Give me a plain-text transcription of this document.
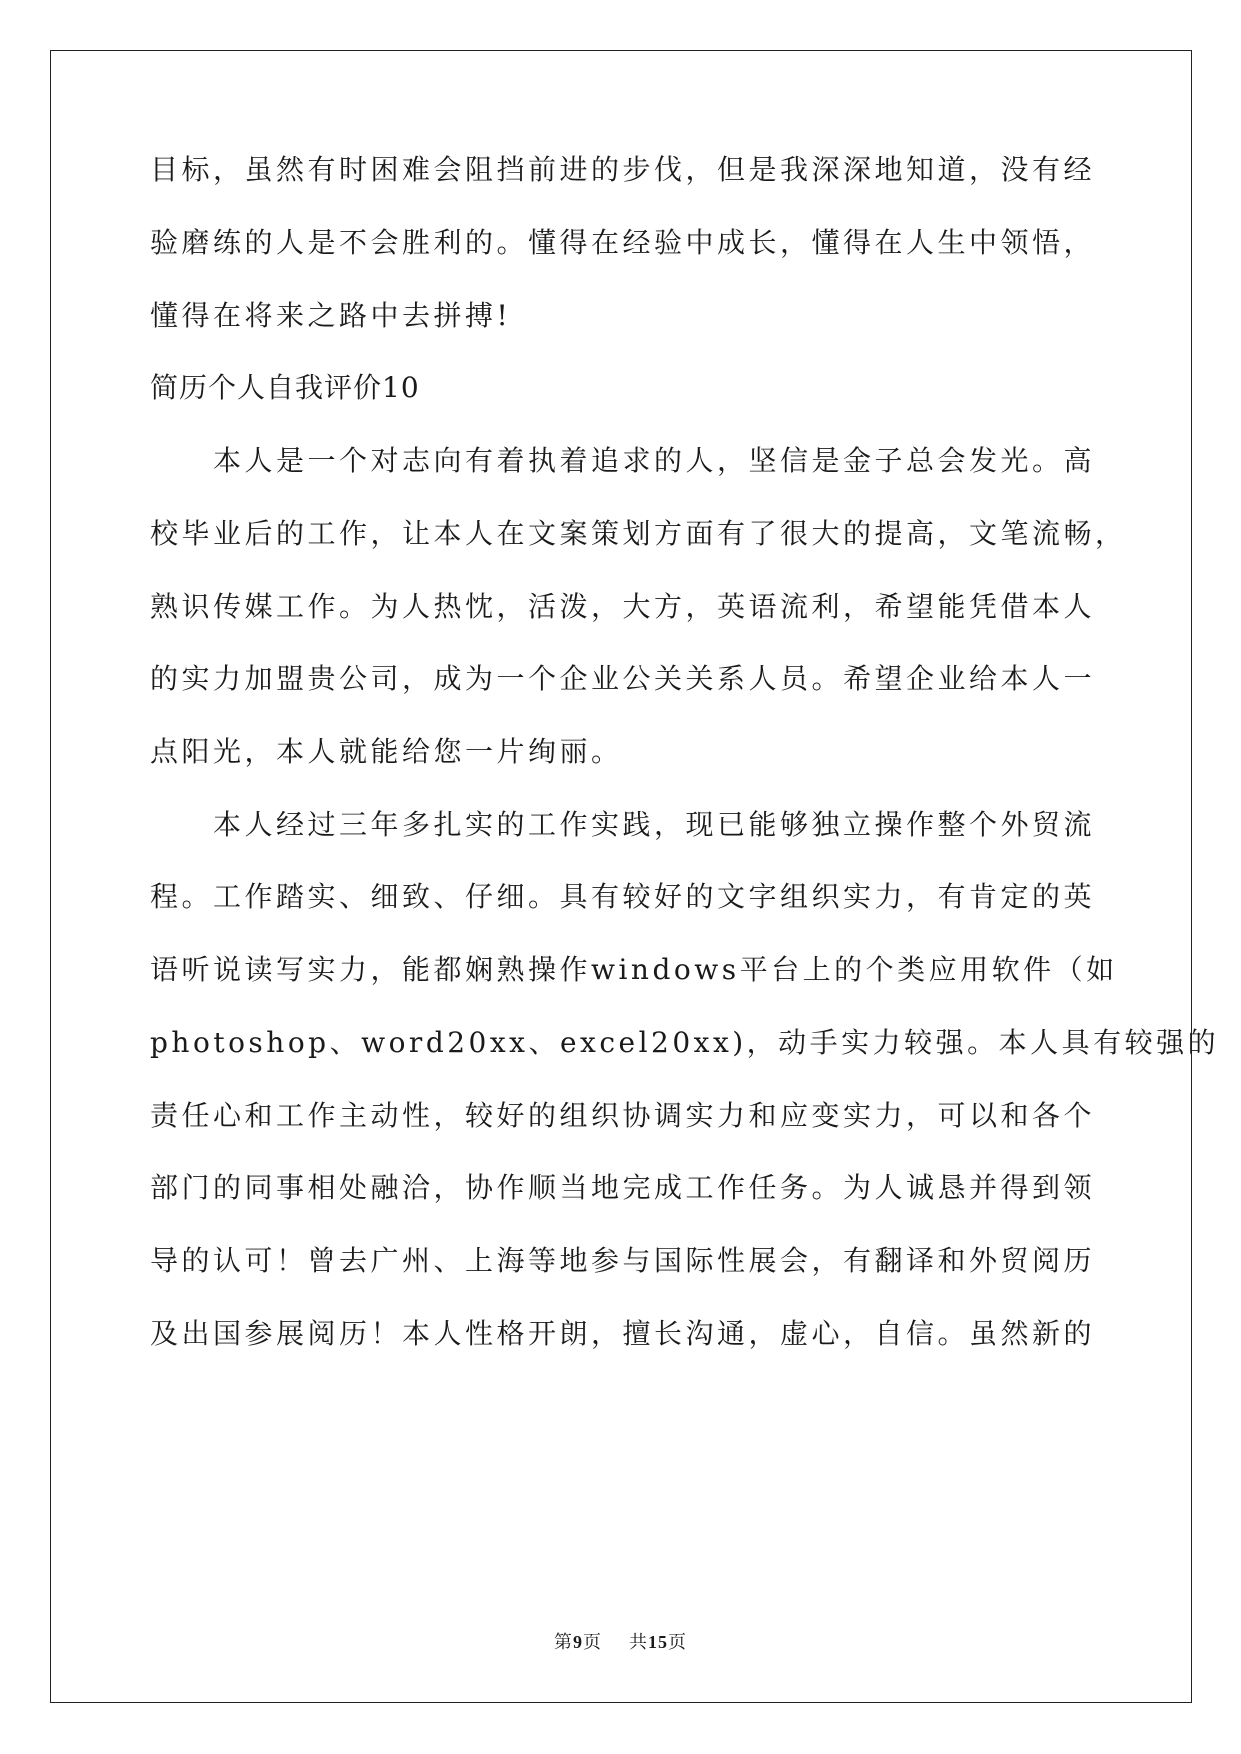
目标，虽然有时困难会阻挡前进的步伐，但是我深深地知道，没有经
验磨练的人是不会胜利的。懂得在经验中成长，懂得在人生中领悟，
懂得在将来之路中去拼搏!
简历个人自我评价10
本人是一个对志向有着执着追求的人，坚信是金子总会发光。高
校毕业后的工作，让本人在文案策划方面有了很大的提高，文笔流畅，
熟识传媒工作。为人热忱，活泼，大方，英语流利，希望能凭借本人
的实力加盟贵公司，成为一个企业公关关系人员。希望企业给本人一
点阳光，本人就能给您一片绚丽。
本人经过三年多扎实的工作实践，现已能够独立操作整个外贸流
程。工作踏实、细致、仔细。具有较好的文字组织实力，有肯定的英
语听说读写实力，能都娴熟操作windows平台上的个类应用软件（如
photoshop、word20xx、excel20xx)，动手实力较强。本人具有较强的
责任心和工作主动性，较好的组织协调实力和应变实力，可以和各个
部门的同事相处融洽，协作顺当地完成工作任务。为人诚恳并得到领
导的认可！曾去广州、上海等地参与国际性展会，有翻译和外贸阅历
及出国参展阅历！本人性格开朗，擅长沟通，虚心，自信。虽然新的
第9页 共15页
